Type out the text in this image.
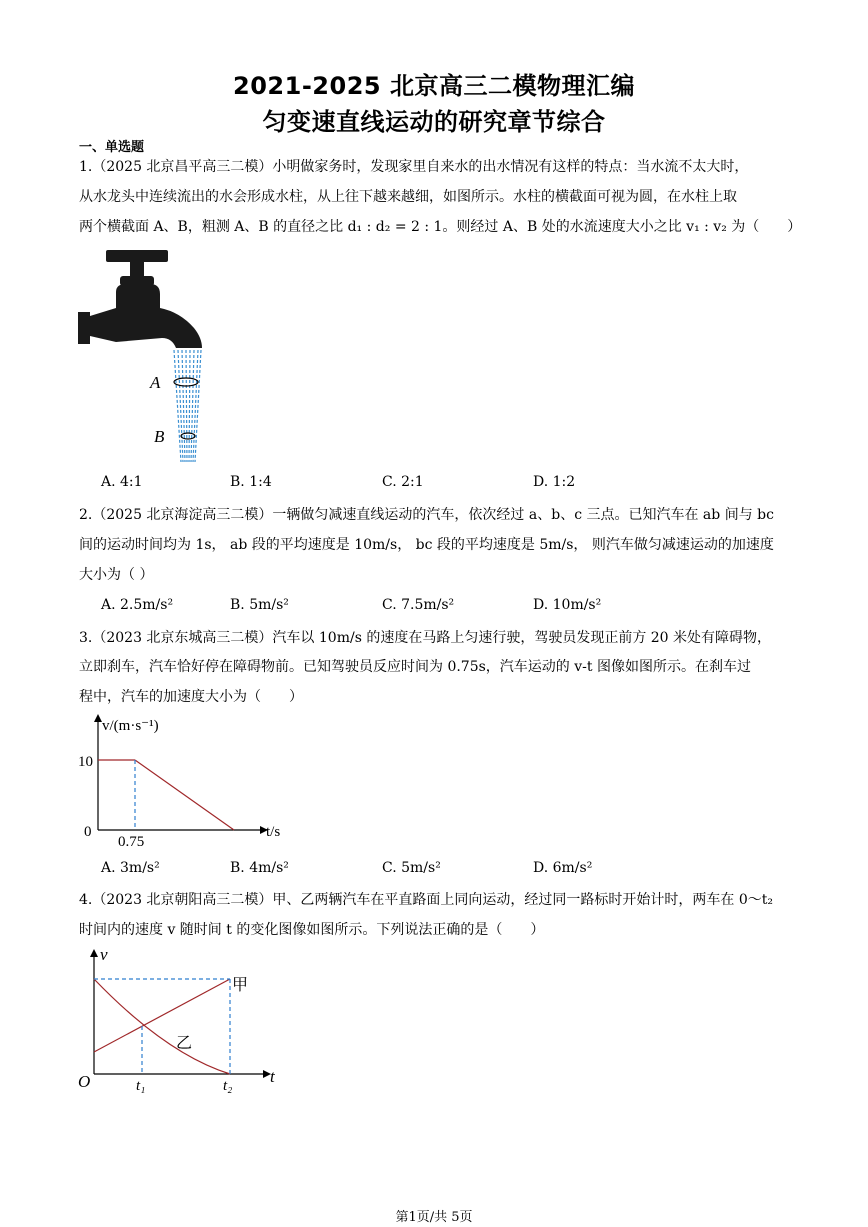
2021-2025 北京高三二模物理汇编
匀变速直线运动的研究章节综合
一、单选题
1.（2025 北京昌平高三二模）小明做家务时，发现家里自来水的出水情况有这样的特点：当水流不太大时，
从水龙头中连续流出的水会形成水柱，从上往下越来越细，如图所示。水柱的横截面可视为圆，在水柱上取
两个横截面 A、B，粗测 A、B 的直径之比 d₁ : d₂ = 2 : 1。则经过 A、B 处的水流速度大小之比 v₁ : v₂ 为（　　）
A
B
A. 4:1	B. 1:4	C. 2:1	D. 1:2
2.（2025 北京海淀高三二模）一辆做匀减速直线运动的汽车，依次经过 a、b、c 三点。已知汽车在 ab 间与 bc
间的运动时间均为 1s， ab 段的平均速度是 10m/s， bc 段的平均速度是 5m/s， 则汽车做匀减速运动的加速度
大小为（ ）
A. 2.5m/s²	B. 5m/s²	C. 7.5m/s²	D. 10m/s²
3.（2023 北京东城高三二模）汽车以 10m/s 的速度在马路上匀速行驶，驾驶员发现正前方 20 米处有障碍物，
立即刹车，汽车恰好停在障碍物前。已知驾驶员反应时间为 0.75s，汽车运动的 v-t 图像如图所示。在刹车过
程中，汽车的加速度大小为（　　）
v/(m·s⁻¹)
10
0
0.75
t/s
A. 3m/s²	B. 4m/s²	C. 5m/s²	D. 6m/s²
4.（2023 北京朝阳高三二模）甲、乙两辆汽车在平直路面上同向运动，经过同一路标时开始计时，两车在 0～t₂
时间内的速度 v 随时间 t 的变化图像如图所示。下列说法正确的是（　　）
v
O	t₁	t₂ t
甲
乙
第1页/共 5页
